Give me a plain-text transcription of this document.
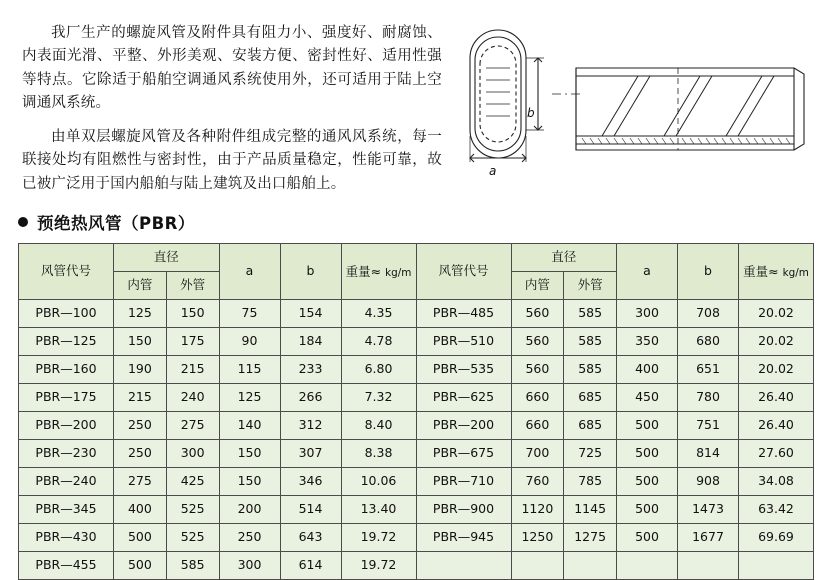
我厂生产的螺旋风管及附件具有阻力小、强度好、耐腐蚀、内表面光滑、平整、外形美观、安装方便、密封性好、适用性强等特点。它除适于船舶空调通风系统使用外，还可适用于陆上空调通风系统。

由单双层螺旋风管及各种附件组成完整的通风风系统，每一联接处均有阻燃性与密封性，由于产品质量稳定，性能可靠，故已被广泛用于国内船舶与陆上建筑及出口船舶上。

b
a
预绝热风管（PBR）
风管代号	直径		a	b	重量≈ kg/m	风管代号	直径		a	b	重量≈ kg/m
	内管	外管					内管	外管			
PBR—100	125	150	75	154	4.35	PBR—485	560	585	300	708	20.02
PBR—125	150	175	90	184	4.78	PBR—510	560	585	350	680	20.02
PBR—160	190	215	115	233	6.80	PBR—535	560	585	400	651	20.02
PBR—175	215	240	125	266	7.32	PBR—625	660	685	450	780	26.40
PBR—200	250	275	140	312	8.40	PBR—200	660	685	500	751	26.40
PBR—230	250	300	150	307	8.38	PBR—675	700	725	500	814	27.60
PBR—240	275	425	150	346	10.06	PBR—710	760	785	500	908	34.08
PBR—345	400	525	200	514	13.40	PBR—900	1120	1145	500	1473	63.42
PBR—430	500	525	250	643	19.72	PBR—945	1250	1275	500	1677	69.69
PBR—455	500	585	300	614	19.72						
